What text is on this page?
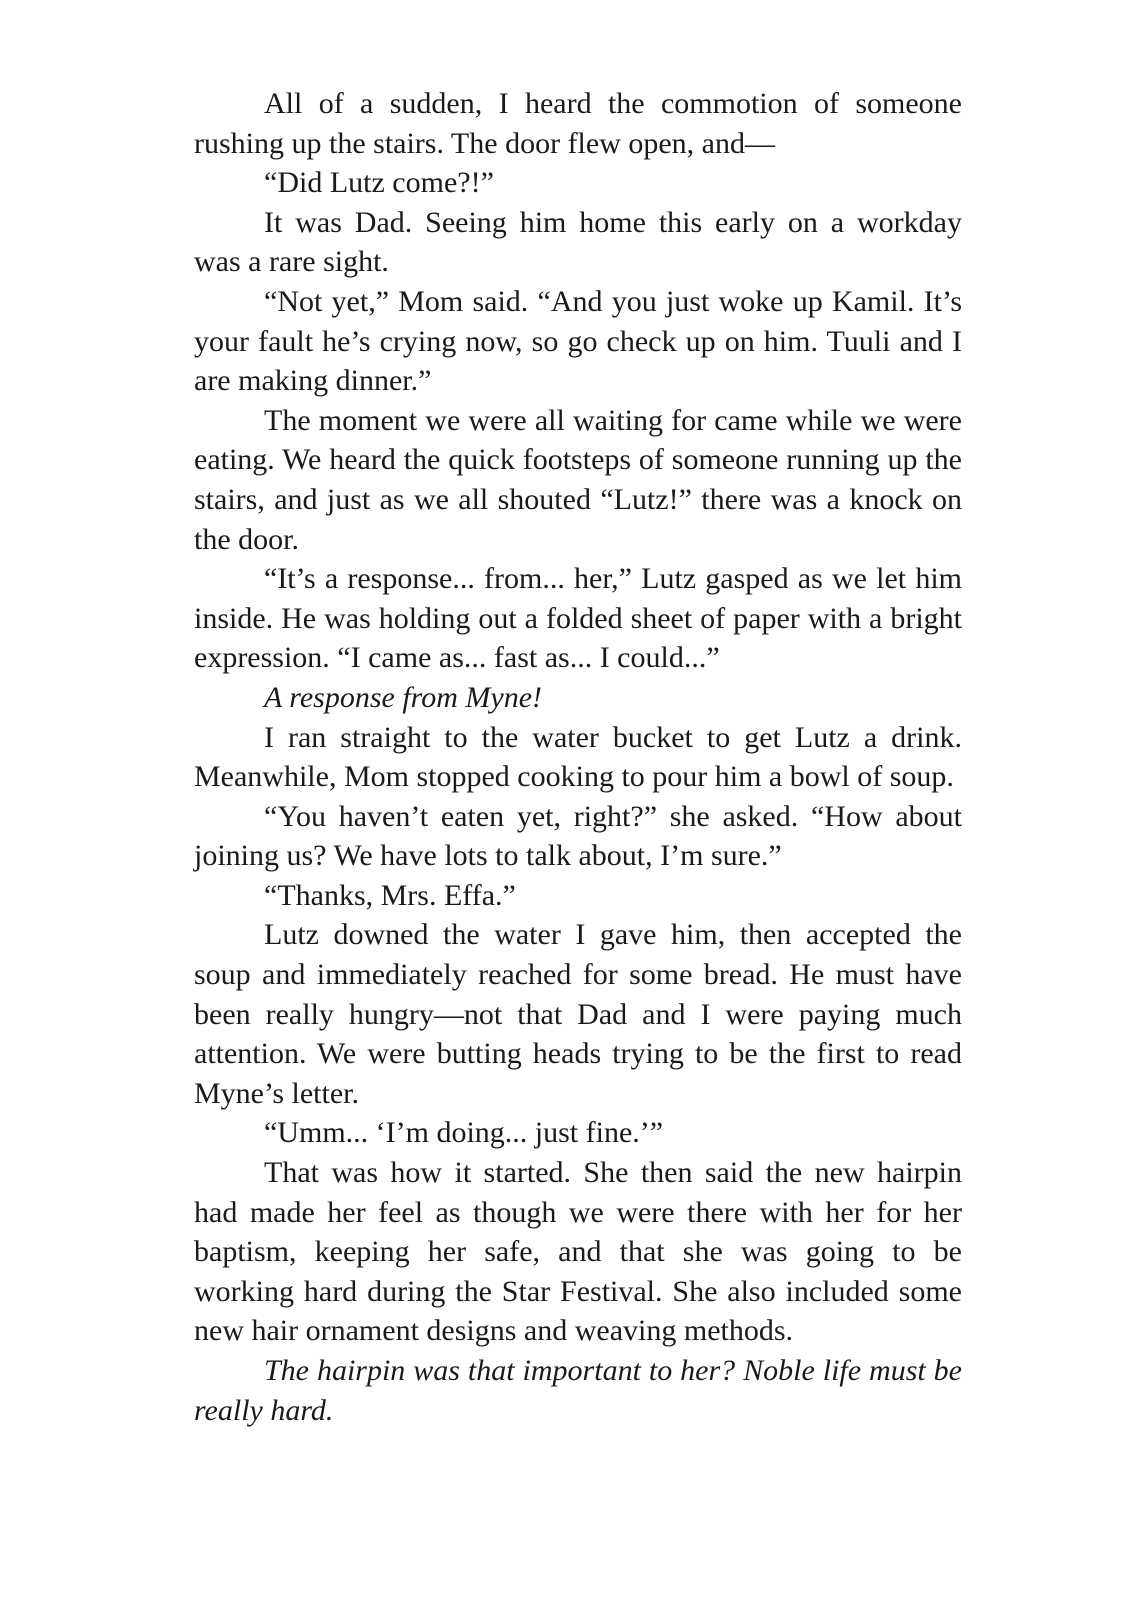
All of a sudden, I heard the commotion of someone rushing up the stairs. The door flew open, and—

“Did Lutz come?!”

It was Dad. Seeing him home this early on a workday was a rare sight.

“Not yet,” Mom said. “And you just woke up Kamil. It’s your fault he’s crying now, so go check up on him. Tuuli and I are making dinner.”

The moment we were all waiting for came while we were eating. We heard the quick footsteps of someone running up the stairs, and just as we all shouted “Lutz!” there was a knock on the door.

“It’s a response... from... her,” Lutz gasped as we let him inside. He was holding out a folded sheet of paper with a bright expression. “I came as... fast as... I could...”

A response from Myne!

I ran straight to the water bucket to get Lutz a drink. Meanwhile, Mom stopped cooking to pour him a bowl of soup.

“You haven’t eaten yet, right?” she asked. “How about joining us? We have lots to talk about, I’m sure.”

“Thanks, Mrs. Effa.”

Lutz downed the water I gave him, then accepted the soup and immediately reached for some bread. He must have been really hungry—not that Dad and I were paying much attention. We were butting heads trying to be the first to read Myne’s letter.

“Umm... ‘I’m doing... just fine.’”

That was how it started. She then said the new hairpin had made her feel as though we were there with her for her baptism, keeping her safe, and that she was going to be working hard during the Star Festival. She also included some new hair ornament designs and weaving methods.

The hairpin was that important to her? Noble life must be really hard.
